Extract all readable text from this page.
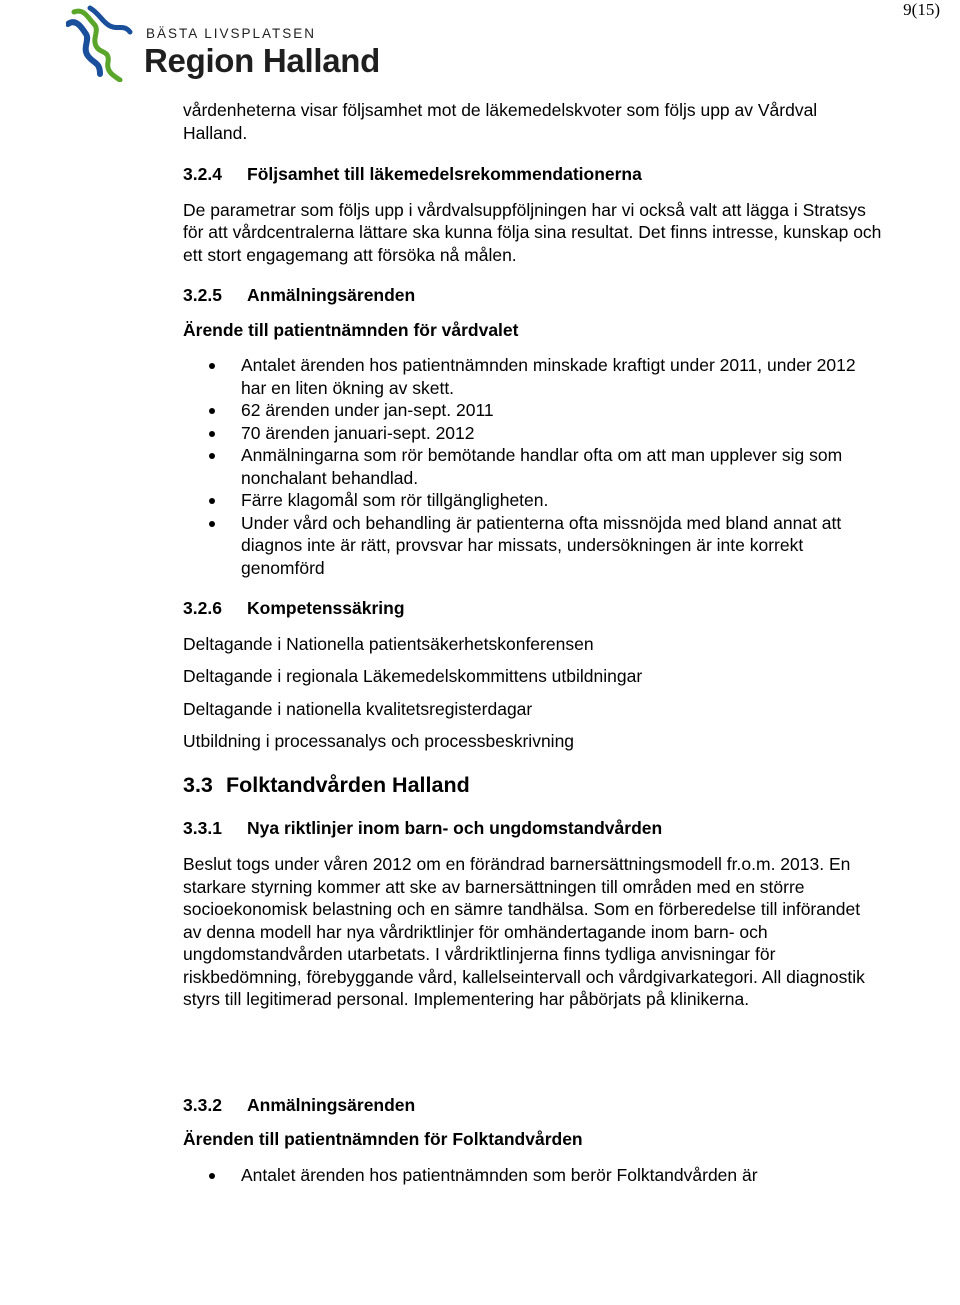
9(15)
BÄSTA LIVSPLATSEN
Region Halland

vårdenheterna visar följsamhet mot de läkemedelskvoter som följs upp av Vårdval Halland.

3.2.4 Följsamhet till läkemedelsrekommendationerna

De parametrar som följs upp i vårdvalsuppföljningen har vi också valt att lägga i Stratsys för att vårdcentralerna lättare ska kunna följa sina resultat. Det finns intresse, kunskap och ett stort engagemang att försöka nå målen.

3.2.5 Anmälningsärenden

Ärende till patientnämnden för vårdvalet

Antalet ärenden hos patientnämnden minskade kraftigt under 2011, under 2012 har en liten ökning av skett.
62 ärenden under jan-sept. 2011
70 ärenden januari-sept. 2012
Anmälningarna som rör bemötande handlar ofta om att man upplever sig som nonchalant behandlad.
Färre klagomål som rör tillgängligheten.
Under vård och behandling är patienterna ofta missnöjda med bland annat att diagnos inte är rätt, provsvar har missats, undersökningen är inte korrekt genomförd

3.2.6 Kompetenssäkring

Deltagande i Nationella patientsäkerhetskonferensen

Deltagande i regionala Läkemedelskommittens utbildningar

Deltagande i nationella kvalitetsregisterdagar

Utbildning i processanalys och processbeskrivning

3.3 Folktandvården Halland

3.3.1 Nya riktlinjer inom barn- och ungdomstandvården

Beslut togs under våren 2012 om en förändrad barnersättningsmodell fr.o.m. 2013. En starkare styrning kommer att ske av barnersättningen till områden med en större socioekonomisk belastning och en sämre tandhälsa. Som en förberedelse till införandet av denna modell har nya vårdriktlinjer för omhändertagande inom barn- och ungdomstandvården utarbetats. I vårdriktlinjerna finns tydliga anvisningar för riskbedömning, förebyggande vård, kallelseintervall och vårdgivarkategori. All diagnostik styrs till legitimerad personal. Implementering har påbörjats på klinikerna.

3.3.2 Anmälningsärenden

Ärenden till patientnämnden för Folktandvården

Antalet ärenden hos patientnämnden som berör Folktandvården är
